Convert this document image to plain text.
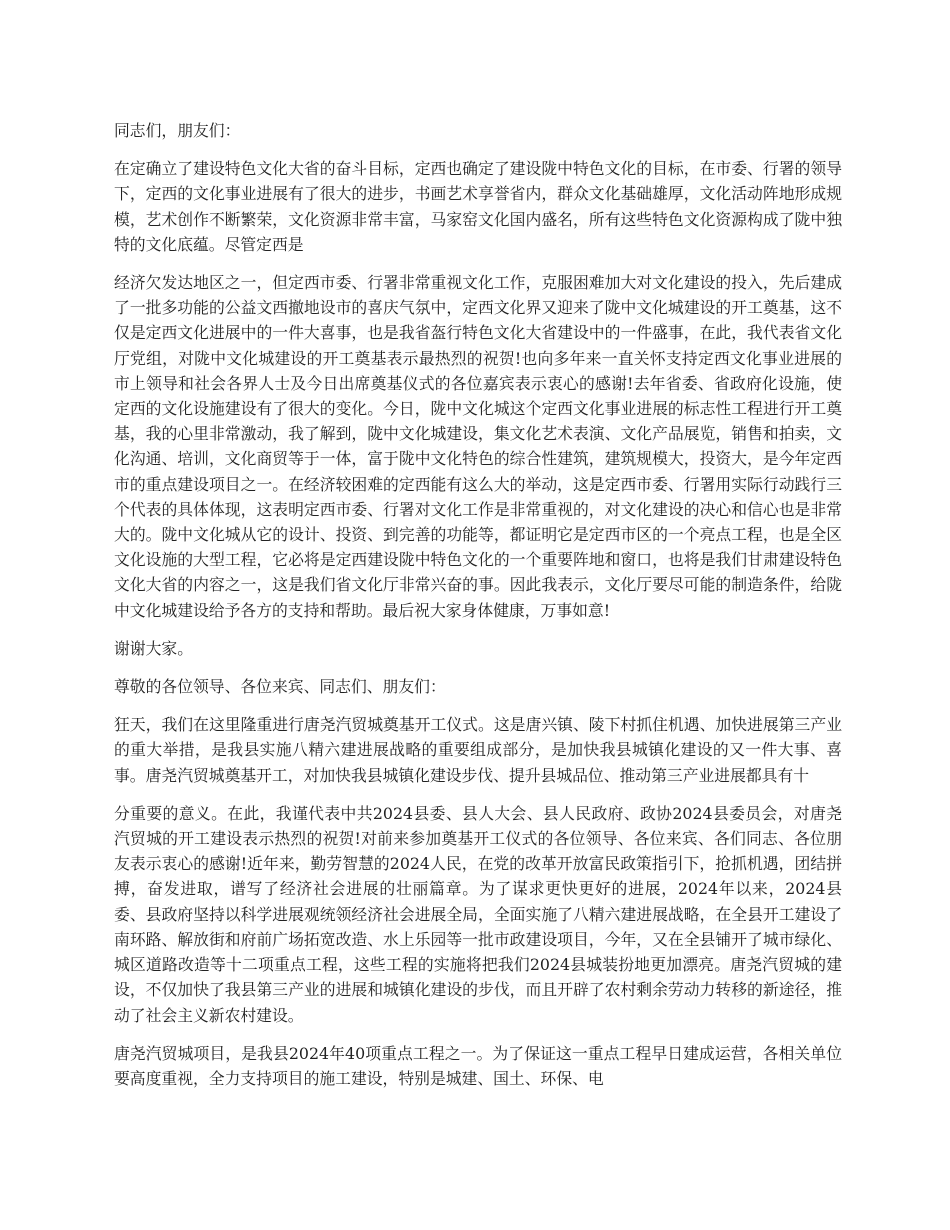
同志们，朋友们：

在定确立了建设特色文化大省的奋斗目标，定西也确定了建设陇中特色文化的目标，在市委、行署的领导下，定西的文化事业进展有了很大的进步，书画艺术享誉省内，群众文化基础雄厚，文化活动阵地形成规模，艺术创作不断繁荣，文化资源非常丰富，马家窑文化国内盛名，所有这些特色文化资源构成了陇中独特的文化底蕴。尽管定西是

经济欠发达地区之一，但定西市委、行署非常重视文化工作，克服困难加大对文化建设的投入，先后建成了一批多功能的公益文西撤地设市的喜庆气氛中，定西文化界又迎来了陇中文化城建设的开工奠基，这不仅是定西文化进展中的一件大喜事，也是我省盔行特色文化大省建设中的一件盛事，在此，我代表省文化厅党组，对陇中文化城建设的开工奠基表示最热烈的祝贺!也向多年来一直关怀支持定西文化事业进展的市上领导和社会各界人士及今日出席奠基仪式的各位嘉宾表示衷心的感谢!去年省委、省政府化设施，使定西的文化设施建设有了很大的变化。今日，陇中文化城这个定西文化事业进展的标志性工程进行开工奠基，我的心里非常激动，我了解到，陇中文化城建设，集文化艺术表演、文化产品展览，销售和拍卖，文化沟通、培训，文化商贸等于一体，富于陇中文化特色的综合性建筑，建筑规模大，投资大，是今年定西市的重点建设项目之一。在经济较困难的定西能有这么大的举动，这是定西市委、行署用实际行动践行三个代表的具体体现，这表明定西市委、行署对文化工作是非常重视的，对文化建设的决心和信心也是非常大的。陇中文化城从它的设计、投资、到完善的功能等，都证明它是定西市区的一个亮点工程，也是全区文化设施的大型工程，它必将是定西建设陇中特色文化的一个重要阵地和窗口，也将是我们甘肃建设特色文化大省的内容之一，这是我们省文化厅非常兴奋的事。因此我表示，文化厅要尽可能的制造条件，给陇中文化城建设给予各方的支持和帮助。最后祝大家身体健康，万事如意!

谢谢大家。

尊敬的各位领导、各位来宾、同志们、朋友们：

狂天，我们在这里隆重进行唐尧汽贸城奠基开工仪式。这是唐兴镇、陵下村抓住机遇、加快进展第三产业的重大举措，是我县实施八精六建进展战略的重要组成部分，是加快我县城镇化建设的又一件大事、喜事。唐尧汽贸城奠基开工，对加快我县城镇化建设步伐、提升县城品位、推动第三产业进展都具有十

分重要的意义。在此，我谨代表中共2024县委、县人大会、县人民政府、政协2024县委员会，对唐尧汽贸城的开工建设表示热烈的祝贺!对前来参加奠基开工仪式的各位领导、各位来宾、各们同志、各位朋友表示衷心的感谢!近年来，勤劳智慧的2024人民，在党的改革开放富民政策指引下，抢抓机遇，团结拼搏，奋发进取，谱写了经济社会进展的壮丽篇章。为了谋求更快更好的进展，2024年以来，2024县委、县政府坚持以科学进展观统领经济社会进展全局，全面实施了八精六建进展战略，在全县开工建设了南环路、解放街和府前广场拓宽改造、水上乐园等一批市政建设项目，今年，又在全县铺开了城市绿化、城区道路改造等十二项重点工程，这些工程的实施将把我们2024县城装扮地更加漂亮。唐尧汽贸城的建设，不仅加快了我县第三产业的进展和城镇化建设的步伐，而且开辟了农村剩余劳动力转移的新途径，推动了社会主义新农村建设。

唐尧汽贸城项目，是我县2024年40项重点工程之一。为了保证这一重点工程早日建成运营，各相关单位要高度重视，全力支持项目的施工建设，特别是城建、国土、环保、电
